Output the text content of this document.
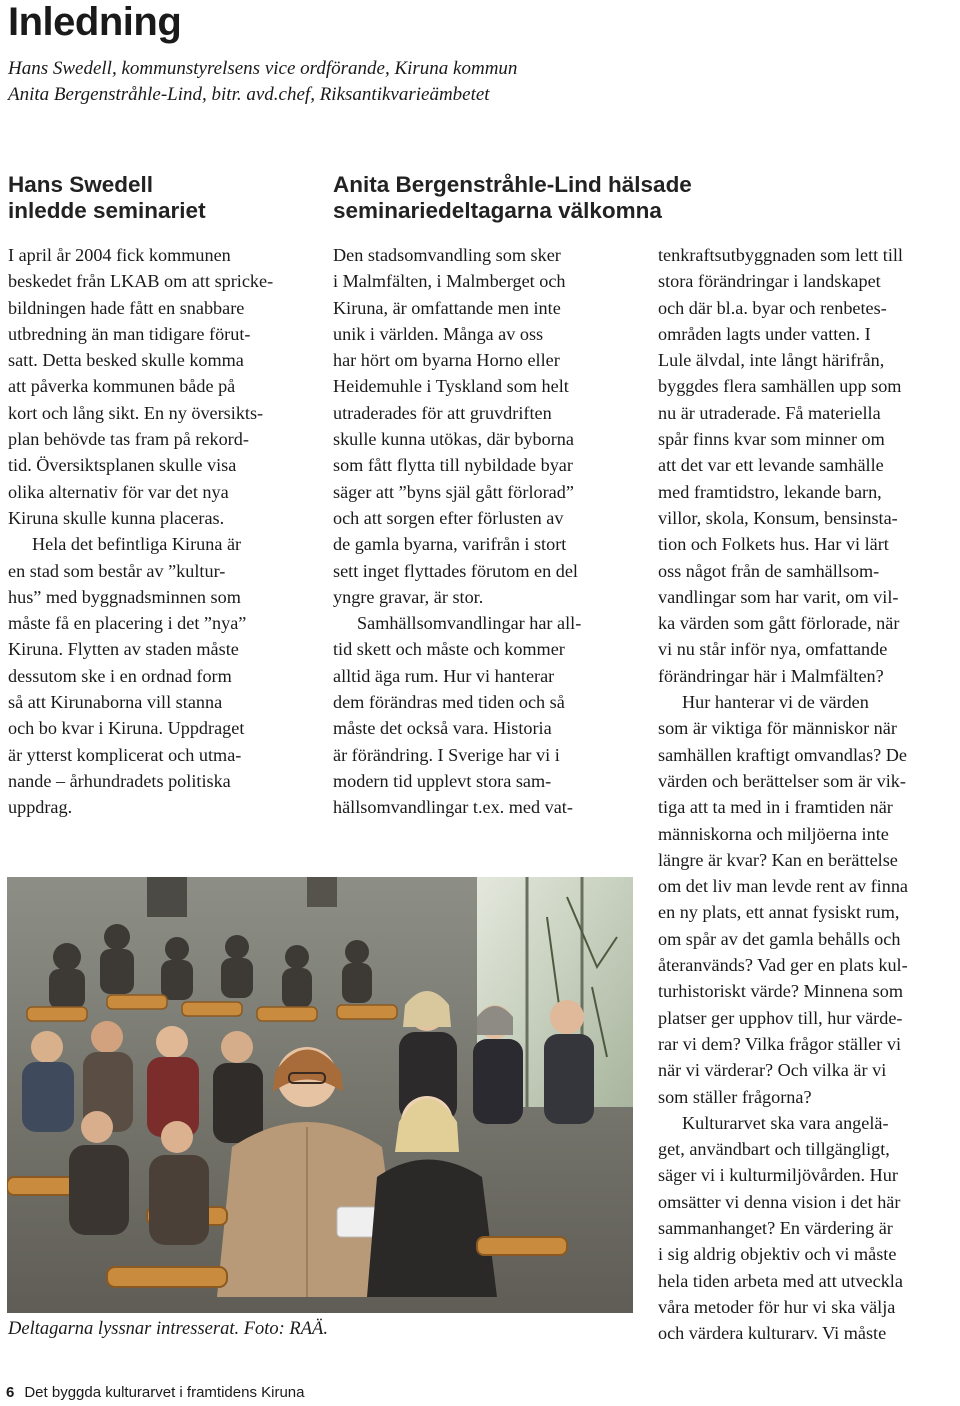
Inledning
Hans Swedell, kommunstyrelsens vice ordförande, Kiruna kommun
Anita Bergenstråhle-Lind, bitr. avd.chef, Riksantikvarieämbetet
Hans Swedell
inledde seminariet
Anita Bergenstråhle-Lind hälsade
seminariedeltagarna välkomna

I april år 2004 fick kommunen
beskedet från LKAB om att spricke-
bildningen hade fått en snabbare
utbredning än man tidigare förut-
satt. Detta besked skulle komma
att påverka kommunen både på
kort och lång sikt. En ny översikts-
plan behövde tas fram på rekord-
tid. Översiktsplanen skulle visa
olika alternativ för var det nya
Kiruna skulle kunna placeras.

Hela det befintliga Kiruna är
en stad som består av ”kultur-
hus” med byggnadsminnen som
måste få en placering i det ”nya”
Kiruna. Flytten av staden måste
dessutom ske i en ordnad form
så att Kirunaborna vill stanna
och bo kvar i Kiruna. Uppdraget
är ytterst komplicerat och utma-
nande – århundradets politiska
uppdrag.

Den stadsomvandling som sker
i Malmfälten, i Malmberget och
Kiruna, är omfattande men inte
unik i världen. Många av oss
har hört om byarna Horno eller
Heidemuhle i Tyskland som helt
utraderades för att gruvdriften
skulle kunna utökas, där byborna
som fått flytta till nybildade byar
säger att ”byns själ gått förlorad”
och att sorgen efter förlusten av
de gamla byarna, varifrån i stort
sett inget flyttades förutom en del
yngre gravar, är stor.

Samhällsomvandlingar har all-
tid skett och måste och kommer
alltid äga rum. Hur vi hanterar
dem förändras med tiden och så
måste det också vara. Historia
är förändring. I Sverige har vi i
modern tid upplevt stora sam-
hällsomvandlingar t.ex. med vat-

tenkraftsutbyggnaden som lett till
stora förändringar i landskapet
och där bl.a. byar och renbetes-
områden lagts under vatten. I
Lule älvdal, inte långt härifrån,
byggdes flera samhällen upp som
nu är utraderade. Få materiella
spår finns kvar som minner om
att det var ett levande samhälle
med framtidstro, lekande barn,
villor, skola, Konsum, bensinsta-
tion och Folkets hus. Har vi lärt
oss något från de samhällsom-
vandlingar som har varit, om vil-
ka värden som gått förlorade, när
vi nu står inför nya, omfattande
förändringar här i Malmfälten?

Hur hanterar vi de värden
som är viktiga för människor när
samhällen kraftigt omvandlas? De
värden och berättelser som är vik-
tiga att ta med in i framtiden när
människorna och miljöerna inte
längre är kvar? Kan en berättelse
om det liv man levde rent av finna
en ny plats, ett annat fysiskt rum,
om spår av det gamla behålls och
återanvänds? Vad ger en plats kul-
turhistoriskt värde? Minnena som
platser ger upphov till, hur värde-
rar vi dem? Vilka frågor ställer vi
när vi värderar? Och vilka är vi
som ställer frågorna?

Kulturarvet ska vara angelä-
get, användbart och tillgängligt,
säger vi i kulturmiljövården. Hur
omsätter vi denna vision i det här
sammanhanget? En värdering är
i sig aldrig objektiv och vi måste
hela tiden arbeta med att utveckla
våra metoder för hur vi ska välja
och värdera kulturarv. Vi måste

Deltagarna lyssnar intresserat. Foto: RAÄ.
6 Det byggda kulturarvet i framtidens Kiruna
